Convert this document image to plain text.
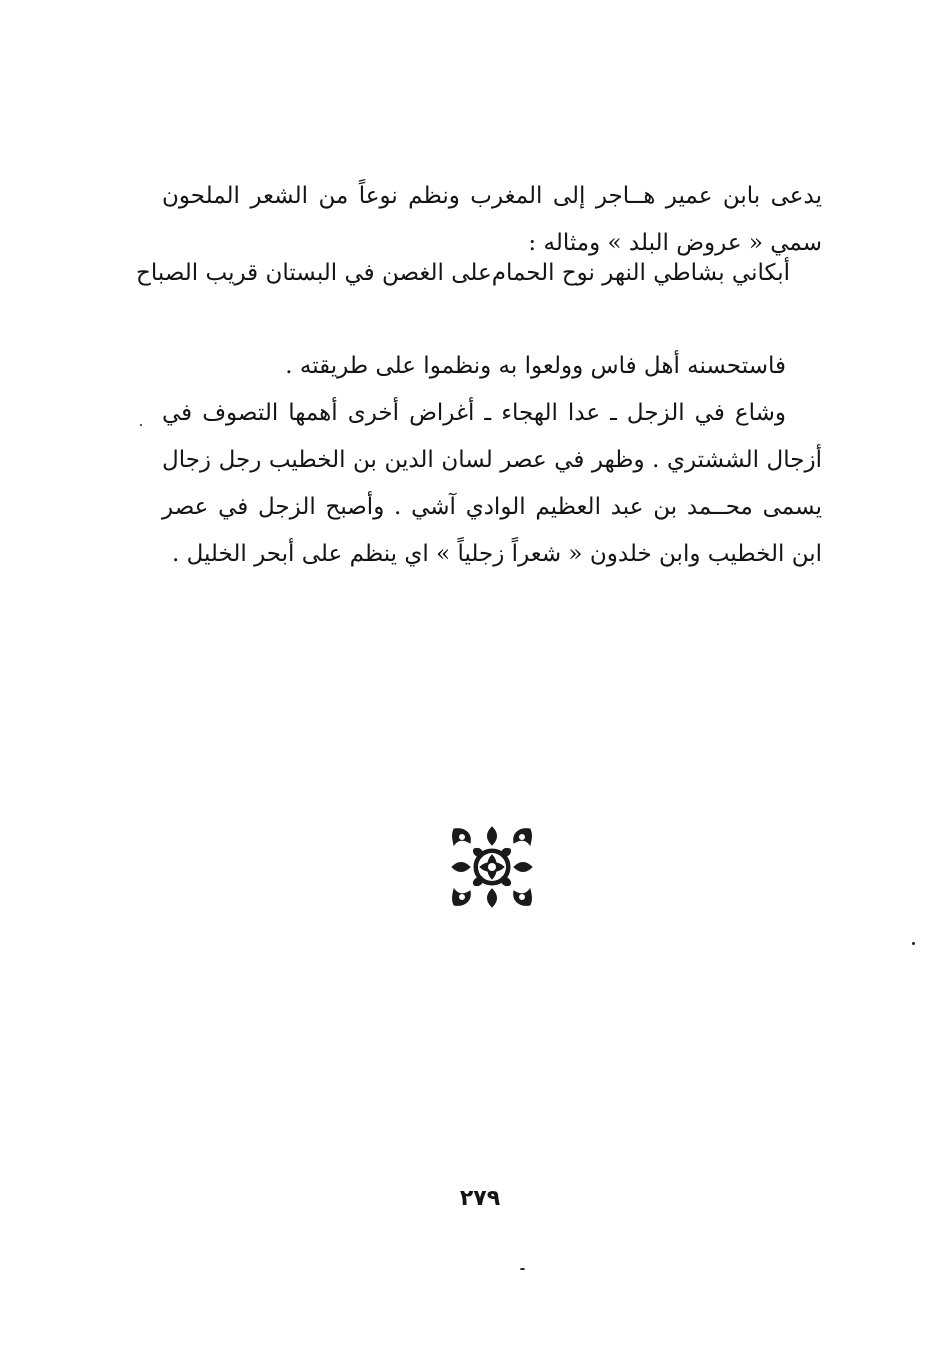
يدعى بابن عمير هــاجر إلى المغرب ونظم نوعاً من الشعر الملحون سمي « عروض البلد » ومثاله :

أبكاني بشاطي النهر نوح الحمام
على الغصن في البستان قريب الصباح

فاستحسنه أهل فاس وولعوا به ونظموا على طريقته .

وشاع في الزجل ـ عدا الهجاء ـ أغراض أخرى أهمها التصوف في أزجال الششتري . وظهر في عصر لسان الدين بن الخطيب رجل زجال يسمى محــمد بن عبد العظيم الوادي آشي . وأصبح الزجل في عصر ابن الخطيب وابن خلدون « شعراً زجلياً » اي ينظم على أبحر الخليل .

٢٧٩
